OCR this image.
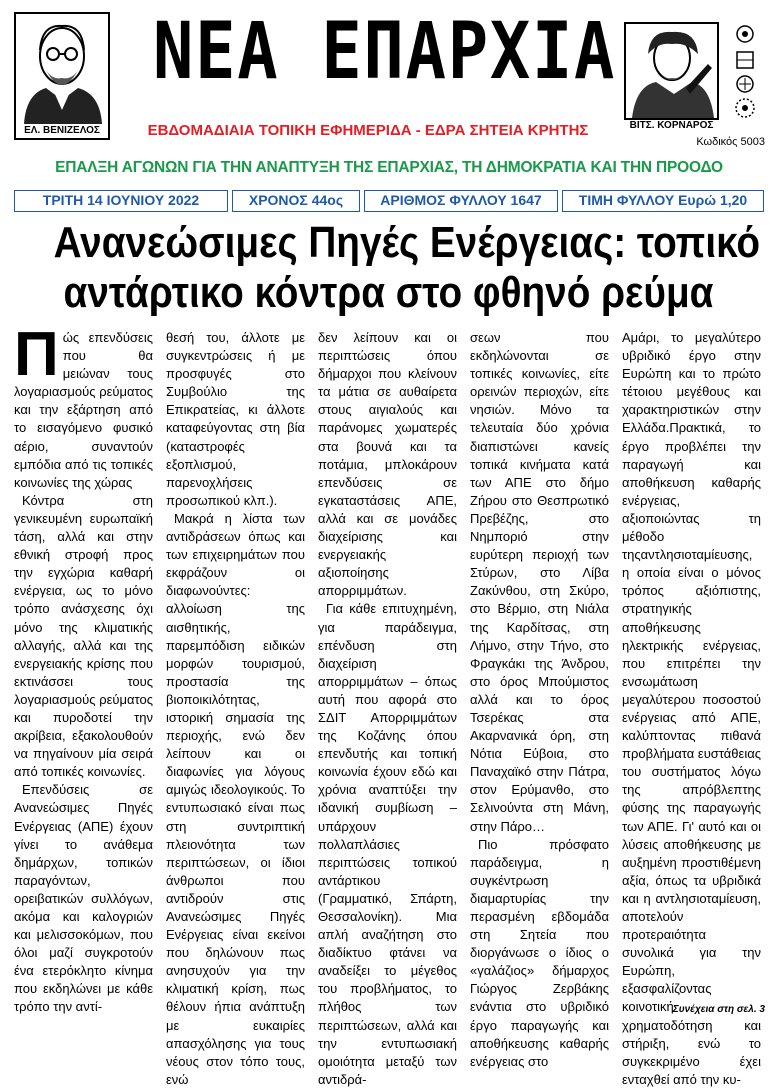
ΕΛ. ΒΕΝΙΖΕΛΟΣ
ΝΕΑ ΕΠΑΡΧΙΑ
ΕΒΔΟΜΑΔΙΑΙΑ ΤΟΠΙΚΗ ΕΦΗΜΕΡΙΔΑ - ΕΔΡΑ ΣΗΤΕΙΑ ΚΡΗΤΗΣ	ΒΙΤΣ. ΚΟΡΝΑΡΟΣ
Κωδικός 5003
ΕΠΑΛΞΗ ΑΓΩΝΩΝ ΓΙΑ ΤΗΝ ΑΝΑΠΤΥΞΗ ΤΗΣ ΕΠΑΡΧΙΑΣ, ΤΗ ΔΗΜΟΚΡΑΤΙΑ ΚΑΙ ΤΗΝ ΠΡΟΟΔΟ
ΤΡΙΤΗ 14 ΙΟΥΝΙΟΥ 2022	ΧΡΟΝΟΣ 44ος	ΑΡΙΘΜΟΣ ΦΥΛΛΟΥ 1647	ΤΙΜΗ ΦΥΛΛΟΥ Ευρώ 1,20
Ανανεώσιμες Πηγές Ενέργειας: τοπικό
αντάρτικο κόντρα στο φθηνό ρεύμα

Πώς επενδύσεις που θα μειώναν τους λογαριασμούς ρεύματος και την εξάρτηση από το εισαγόμενο φυσικό αέριο, συναντούν εμπόδια από τις τοπικές κοινωνίες της χώρας

Κόντρα στη γενικευμένη ευρωπαϊκή τάση, αλλά και στην εθνική στροφή προς την εγχώρια καθαρή ενέργεια, ως το μόνο τρόπο ανάσχεσης όχι μόνο της κλιματικής αλλαγής, αλλά και της ενεργειακής κρίσης που εκτινάσσει τους λογαριασμούς ρεύματος και πυροδοτεί την ακρίβεια, εξακολουθούν να πηγαίνουν μία σειρά από τοπικές κοινωνίες.

Επενδύσεις σε Ανανεώσιμες Πηγές Ενέργειας (ΑΠΕ) έχουν γίνει το ανάθεμα δημάρχων, τοπικών παραγόντων, ορειβατικών συλλόγων, ακόμα και καλογριών και μελισσοκόμων, που όλοι μαζί συγκροτούν ένα ετερόκλητο κίνημα που εκδηλώνει με κάθε τρόπο την αντί-

θεσή του, άλλοτε με συγκεντρώσεις ή με προσφυγές στο Συμβούλιο της Επικρατείας, κι άλλοτε καταφεύγοντας στη βία (καταστροφές εξοπλισμού, παρενοχλήσεις προσωπικού κλπ.).

Μακρά η λίστα των αντιδράσεων όπως και των επιχειρημάτων που εκφράζουν οι διαφωνούντες: αλλοίωση της αισθητικής, παρεμπόδιση ειδικών μορφών τουρισμού, προστασία της βιοποικιλότητας, ιστορική σημασία της περιοχής, ενώ δεν λείπουν και οι διαφωνίες για λόγους αμιγώς ιδεολογικούς. Το εντυπωσιακό είναι πως στη συντριπτική πλειονότητα των περιπτώσεων, οι ίδιοι άνθρωποι που αντιδρούν στις Ανανεώσιμες Πηγές Ενέργειας είναι εκείνοι που δηλώνουν πως ανησυχούν για την κλιματική κρίση, πως θέλουν ήπια ανάπτυξη με ευκαιρίες απασχόλησης για τους νέους στον τόπο τους, ενώ

δεν λείπουν και οι περιπτώσεις όπου δήμαρχοι που κλείνουν τα μάτια σε αυθαίρετα στους αιγιαλούς και παράνομες χωματερές στα βουνά και τα ποτάμια, μπλοκάρουν επενδύσεις σε εγκαταστάσεις ΑΠΕ, αλλά και σε μονάδες διαχείρισης και ενεργειακής αξιοποίησης απορριμμάτων.

Για κάθε επιτυχημένη, για παράδειγμα, επένδυση στη διαχείριση απορριμμάτων – όπως αυτή που αφορά στο ΣΔΙΤ Απορριμμάτων της Κοζάνης όπου επενδυτής και τοπική κοινωνία έχουν εδώ και χρόνια αναπτύξει την ιδανική συμβίωση – υπάρχουν πολλαπλάσιες περιπτώσεις τοπικού αντάρτικου (Γραμματικό, Σπάρτη, Θεσσαλονίκη). Μια απλή αναζήτηση στο διαδίκτυο φτάνει να αναδείξει το μέγεθος του προβλήματος, το πλήθος των περιπτώσεων, αλλά και την εντυπωσιακή ομοιότητα μεταξύ των αντιδρά-

σεων που εκδηλώνονται σε τοπικές κοινωνίες, είτε ορεινών περιοχών, είτε νησιών. Μόνο τα τελευταία δύο χρόνια διαπιστώνει κανείς τοπικά κινήματα κατά των ΑΠΕ στο δήμο Ζήρου στο Θεσπρωτικό Πρεβέζης, στο Νημποριό στην ευρύτερη περιοχή των Στύρων, στο Λίβα Ζακύνθου, στη Σκύρο, στο Βέρμιο, στη Νιάλα της Καρδίτσας, στη Λήμνο, στην Τήνο, στο Φραγκάκι της Άνδρου, στο όρος Μπούμιστος αλλά και το όρος Τσερέκας στα Ακαρνανικά όρη, στη Νότια Εύβοια, στο Παναχαϊκό στην Πάτρα, στον Ερύμανθο, στο Σελινούντα στη Μάνη, στην Πάρο…

Πιο πρόσφατο παράδειγμα, η συγκέντρωση διαμαρτυρίας την περασμένη εβδομάδα στη Σητεία που διοργάνωσε ο ίδιος ο «γαλάζιος» δήμαρχος Γιώργος Ζερβάκης ενάντια στο υβριδικό έργο παραγωγής και αποθήκευσης καθαρής ενέργειας στο

Αμάρι, το μεγαλύτερο υβριδικό έργο στην Ευρώπη και το πρώτο τέτοιου μεγέθους και χαρακτηριστικών στην Ελλάδα.Πρακτικά, το έργο προβλέπει την παραγωγή και αποθήκευση καθαρής ενέργειας, αξιοποιώντας τη μέθοδο τηςαντλησιοταμίευσης, η οποία είναι ο μόνος τρόπος αξιόπιστης, στρατηγικής αποθήκευσης ηλεκτρικής ενέργειας, που επιτρέπει την ενσωμάτωση μεγαλύτερου ποσοστού ενέργειας από ΑΠΕ, καλύπτοντας πιθανά προβλήματα ευστάθειας του συστήματος λόγω της απρόβλεπτης φύσης της παραγωγής των ΑΠΕ. Γι' αυτό και οι λύσεις αποθήκευσης με αυξημένη προστιθέμενη αξία, όπως τα υβριδικά και η αντλησιοταμίευση, αποτελούν προτεραιότητα συνολικά για την Ευρώπη, εξασφαλίζοντας κοινοτική χρηματοδότηση και στήριξη, ενώ το συγκεκριμένο έχει ενταχθεί από την κυ-

Συνέχεια στη σελ. 3
